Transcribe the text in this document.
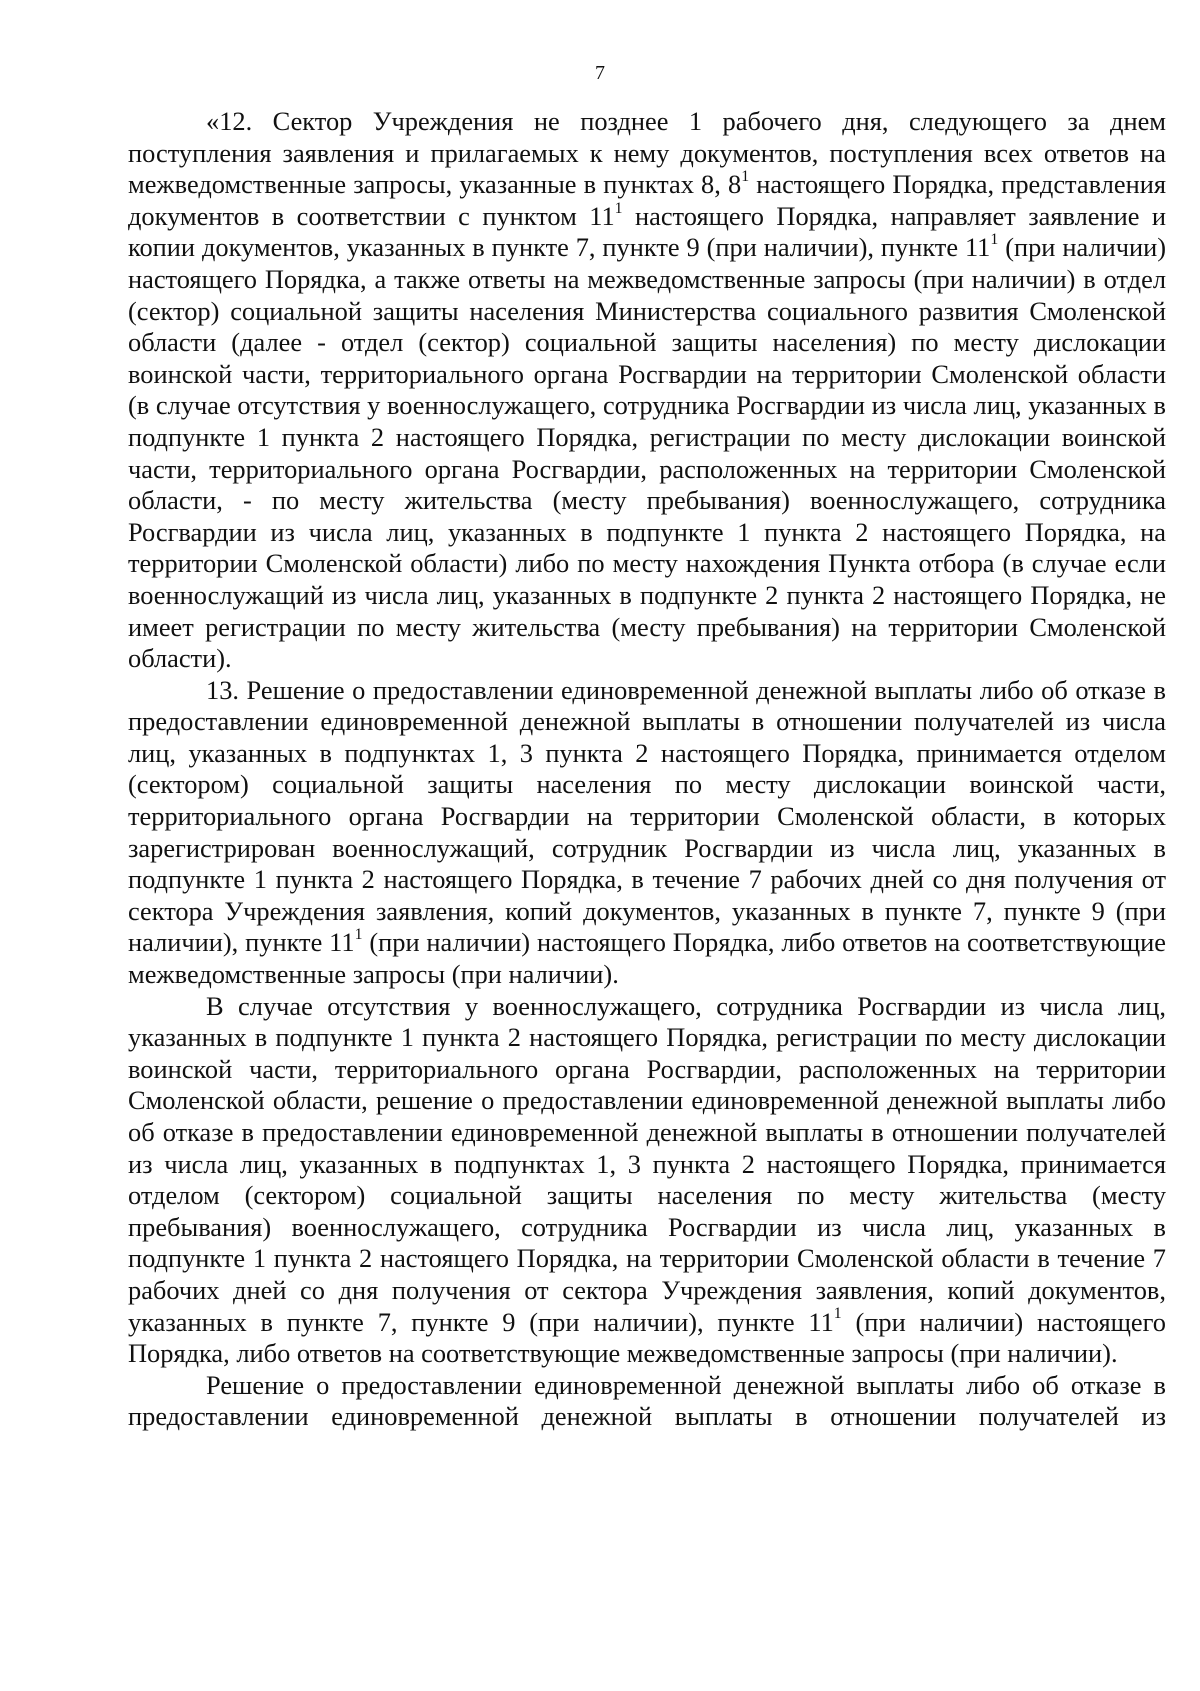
7

«12. Сектор Учреждения не позднее 1 рабочего дня, следующего за днем поступления заявления и прилагаемых к нему документов, поступления всех ответов на межведомственные запросы, указанные в пунктах 8, $8^1$ настоящего Порядка, представления документов в соответствии с пунктом $11^1$ настоящего Порядка, направляет заявление и копии документов, указанных в пункте 7, пункте 9 (при наличии), пункте $11^1$ (при наличии) настоящего Порядка, а также ответы на межведомственные запросы (при наличии) в отдел (сектор) социальной защиты населения Министерства социального развития Смоленской области (далее - отдел (сектор) социальной защиты населения) по месту дислокации воинской части, территориального органа Росгвардии на территории Смоленской области (в случае отсутствия у военнослужащего, сотрудника Росгвардии из числа лиц, указанных в подпункте 1 пункта 2 настоящего Порядка, регистрации по месту дислокации воинской части, территориального органа Росгвардии, расположенных на территории Смоленской области, - по месту жительства (месту пребывания) военнослужащего, сотрудника Росгвардии из числа лиц, указанных в подпункте 1 пункта 2 настоящего Порядка, на территории Смоленской области) либо по месту нахождения Пункта отбора (в случае если военнослужащий из числа лиц, указанных в подпункте 2 пункта 2 настоящего Порядка, не имеет регистрации по месту жительства (месту пребывания) на территории Смоленской области).

13. Решение о предоставлении единовременной денежной выплаты либо об отказе в предоставлении единовременной денежной выплаты в отношении получателей из числа лиц, указанных в подпунктах 1, 3 пункта 2 настоящего Порядка, принимается отделом (сектором) социальной защиты населения по месту дислокации воинской части, территориального органа Росгвардии на территории Смоленской области, в которых зарегистрирован военнослужащий, сотрудник Росгвардии из числа лиц, указанных в подпункте 1 пункта 2 настоящего Порядка, в течение 7 рабочих дней со дня получения от сектора Учреждения заявления, копий документов, указанных в пункте 7, пункте 9 (при наличии), пункте $11^1$ (при наличии) настоящего Порядка, либо ответов на соответствующие межведомственные запросы (при наличии).

В случае отсутствия у военнослужащего, сотрудника Росгвардии из числа лиц, указанных в подпункте 1 пункта 2 настоящего Порядка, регистрации по месту дислокации воинской части, территориального органа Росгвардии, расположенных на территории Смоленской области, решение о предоставлении единовременной денежной выплаты либо об отказе в предоставлении единовременной денежной выплаты в отношении получателей из числа лиц, указанных в подпунктах 1, 3 пункта 2 настоящего Порядка, принимается отделом (сектором) социальной защиты населения по месту жительства (месту пребывания) военнослужащего, сотрудника Росгвардии из числа лиц, указанных в подпункте 1 пункта 2 настоящего Порядка, на территории Смоленской области в течение 7 рабочих дней со дня получения от сектора Учреждения заявления, копий документов, указанных в пункте 7, пункте 9 (при наличии), пункте $11^1$ (при наличии) настоящего Порядка, либо ответов на соответствующие межведомственные запросы (при наличии).

Решение о предоставлении единовременной денежной выплаты либо об отказе в предоставлении единовременной денежной выплаты в отношении получателей из
